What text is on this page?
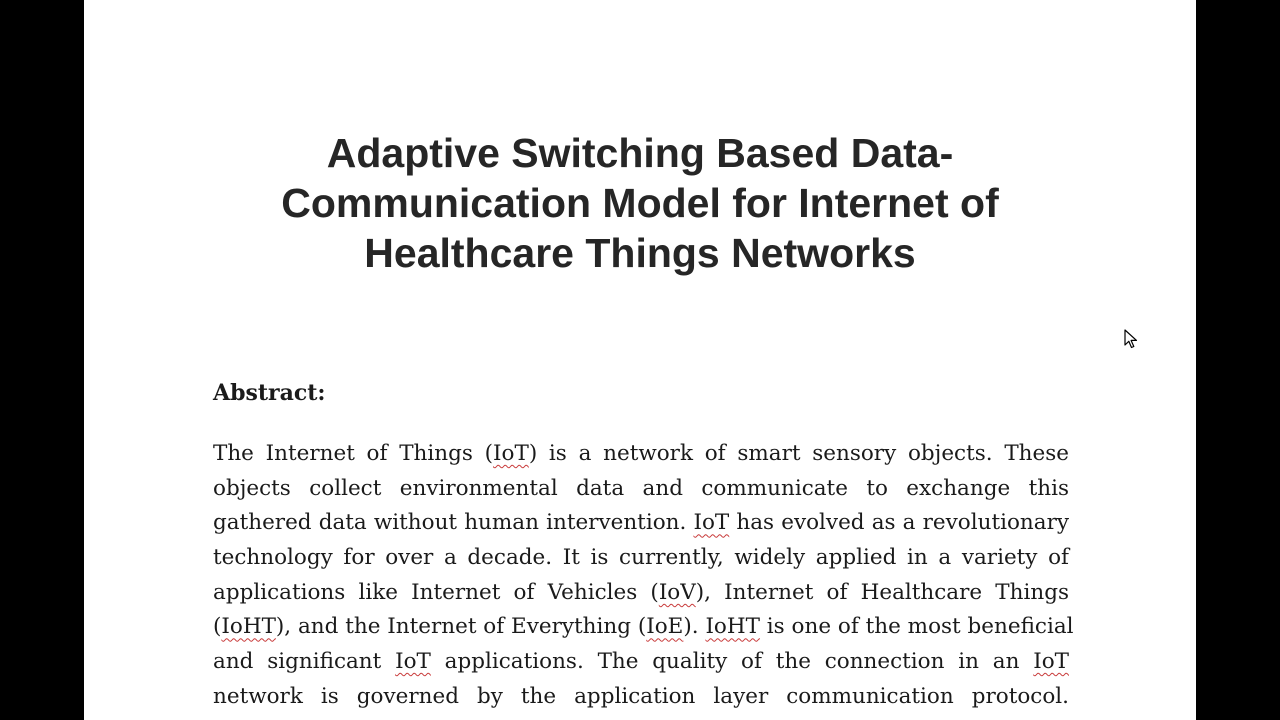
Adaptive Switching Based Data-
Communication Model for Internet of
Healthcare Things Networks
Abstract:
The Internet of Things (IoT) is a network of smart sensory objects. These
objects collect environmental data and communicate to exchange this
gathered data without human intervention. IoT has evolved as a revolutionary
technology for over a decade. It is currently, widely applied in a variety of
applications like Internet of Vehicles (IoV), Internet of Healthcare Things
(IoHT), and the Internet of Everything (IoE). IoHT is one of the most beneficial
and significant IoT applications. The quality of the connection in an IoT
network is governed by the application layer communication protocol.
